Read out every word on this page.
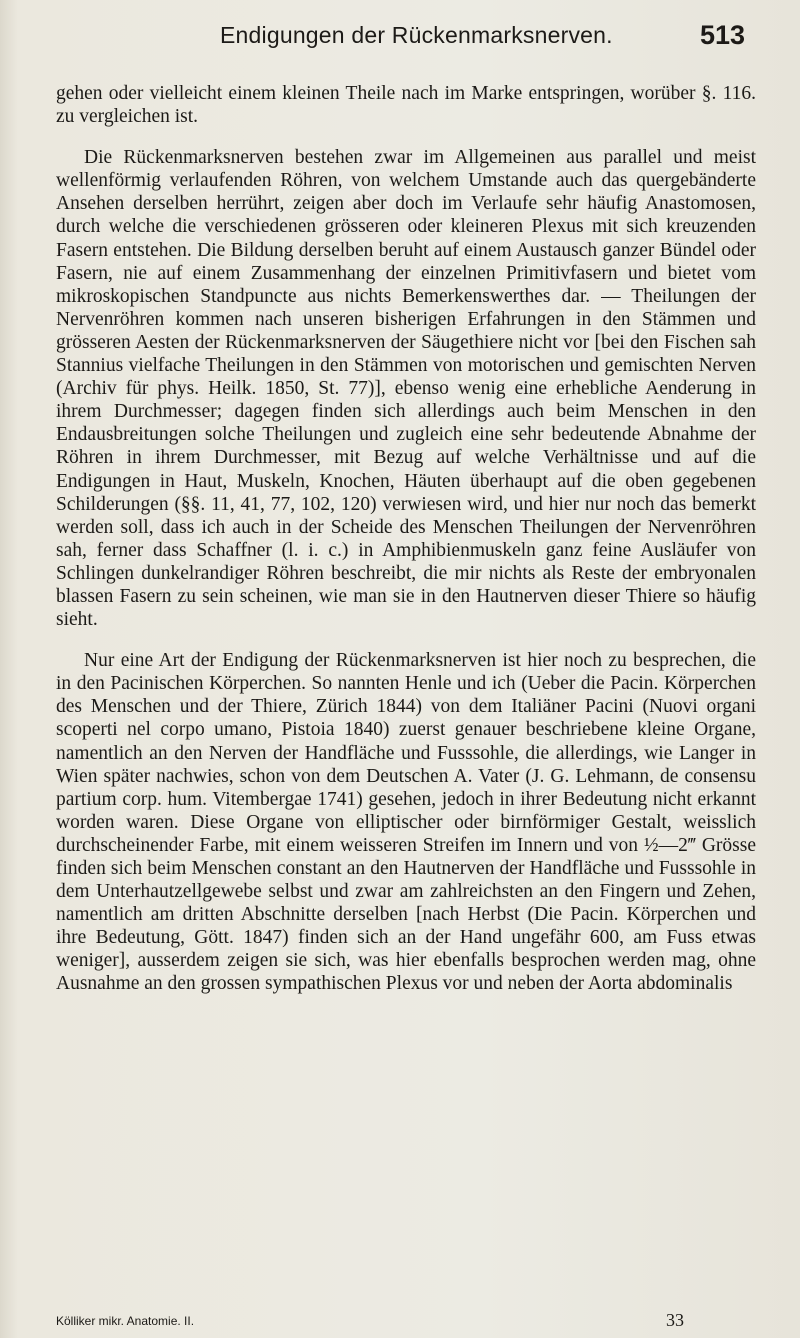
Endigungen der Rückenmarksnerven.	513

gehen oder vielleicht einem kleinen Theile nach im Marke entspringen, worüber §. 116. zu vergleichen ist.

Die Rückenmarksnerven bestehen zwar im Allgemeinen aus parallel und meist wellenförmig verlaufenden Röhren, von welchem Umstande auch das quergebänderte Ansehen derselben herrührt, zeigen aber doch im Verlaufe sehr häufig Anastomosen, durch welche die verschiedenen grösseren oder kleineren Plexus mit sich kreuzenden Fasern entstehen. Die Bildung derselben beruht auf einem Austausch ganzer Bündel oder Fasern, nie auf einem Zusammenhang der einzelnen Primitivfasern und bietet vom mikroskopischen Standpuncte aus nichts Bemerkenswerthes dar. — Theilungen der Nervenröhren kommen nach unseren bisherigen Erfahrungen in den Stämmen und grösseren Aesten der Rückenmarksnerven der Säugethiere nicht vor [bei den Fischen sah Stannius vielfache Theilungen in den Stämmen von motorischen und gemischten Nerven (Archiv für phys. Heilk. 1850, St. 77)], ebenso wenig eine erhebliche Aenderung in ihrem Durchmesser; dagegen finden sich allerdings auch beim Menschen in den Endausbreitungen solche Theilungen und zugleich eine sehr bedeutende Abnahme der Röhren in ihrem Durchmesser, mit Bezug auf welche Verhältnisse und auf die Endigungen in Haut, Muskeln, Knochen, Häuten überhaupt auf die oben gegebenen Schilderungen (§§. 11, 41, 77, 102, 120) verwiesen wird, und hier nur noch das bemerkt werden soll, dass ich auch in der Scheide des Menschen Theilungen der Nervenröhren sah, ferner dass Schaffner (l. i. c.) in Amphibienmuskeln ganz feine Ausläufer von Schlingen dunkelrandiger Röhren beschreibt, die mir nichts als Reste der embryonalen blassen Fasern zu sein scheinen, wie man sie in den Hautnerven dieser Thiere so häufig sieht.

Nur eine Art der Endigung der Rückenmarksnerven ist hier noch zu besprechen, die in den Pacinischen Körperchen. So nannten Henle und ich (Ueber die Pacin. Körperchen des Menschen und der Thiere, Zürich 1844) von dem Italiäner Pacini (Nuovi organi scoperti nel corpo umano, Pistoia 1840) zuerst genauer beschriebene kleine Organe, namentlich an den Nerven der Handfläche und Fusssohle, die allerdings, wie Langer in Wien später nachwies, schon von dem Deutschen A. Vater (J. G. Lehmann, de consensu partium corp. hum. Vitembergae 1741) gesehen, jedoch in ihrer Bedeutung nicht erkannt worden waren. Diese Organe von elliptischer oder birnförmiger Gestalt, weisslich durchscheinender Farbe, mit einem weisseren Streifen im Innern und von ½—2‴ Grösse finden sich beim Menschen constant an den Hautnerven der Handfläche und Fusssohle in dem Unterhautzellgewebe selbst und zwar am zahlreichsten an den Fingern und Zehen, namentlich am dritten Abschnitte derselben [nach Herbst (Die Pacin. Körperchen und ihre Bedeutung, Gött. 1847) finden sich an der Hand ungefähr 600, am Fuss etwas weniger], ausserdem zeigen sie sich, was hier ebenfalls besprochen werden mag, ohne Ausnahme an den grossen sympathischen Plexus vor und neben der Aorta abdominalis

Kölliker mikr. Anatomie. II.	33
